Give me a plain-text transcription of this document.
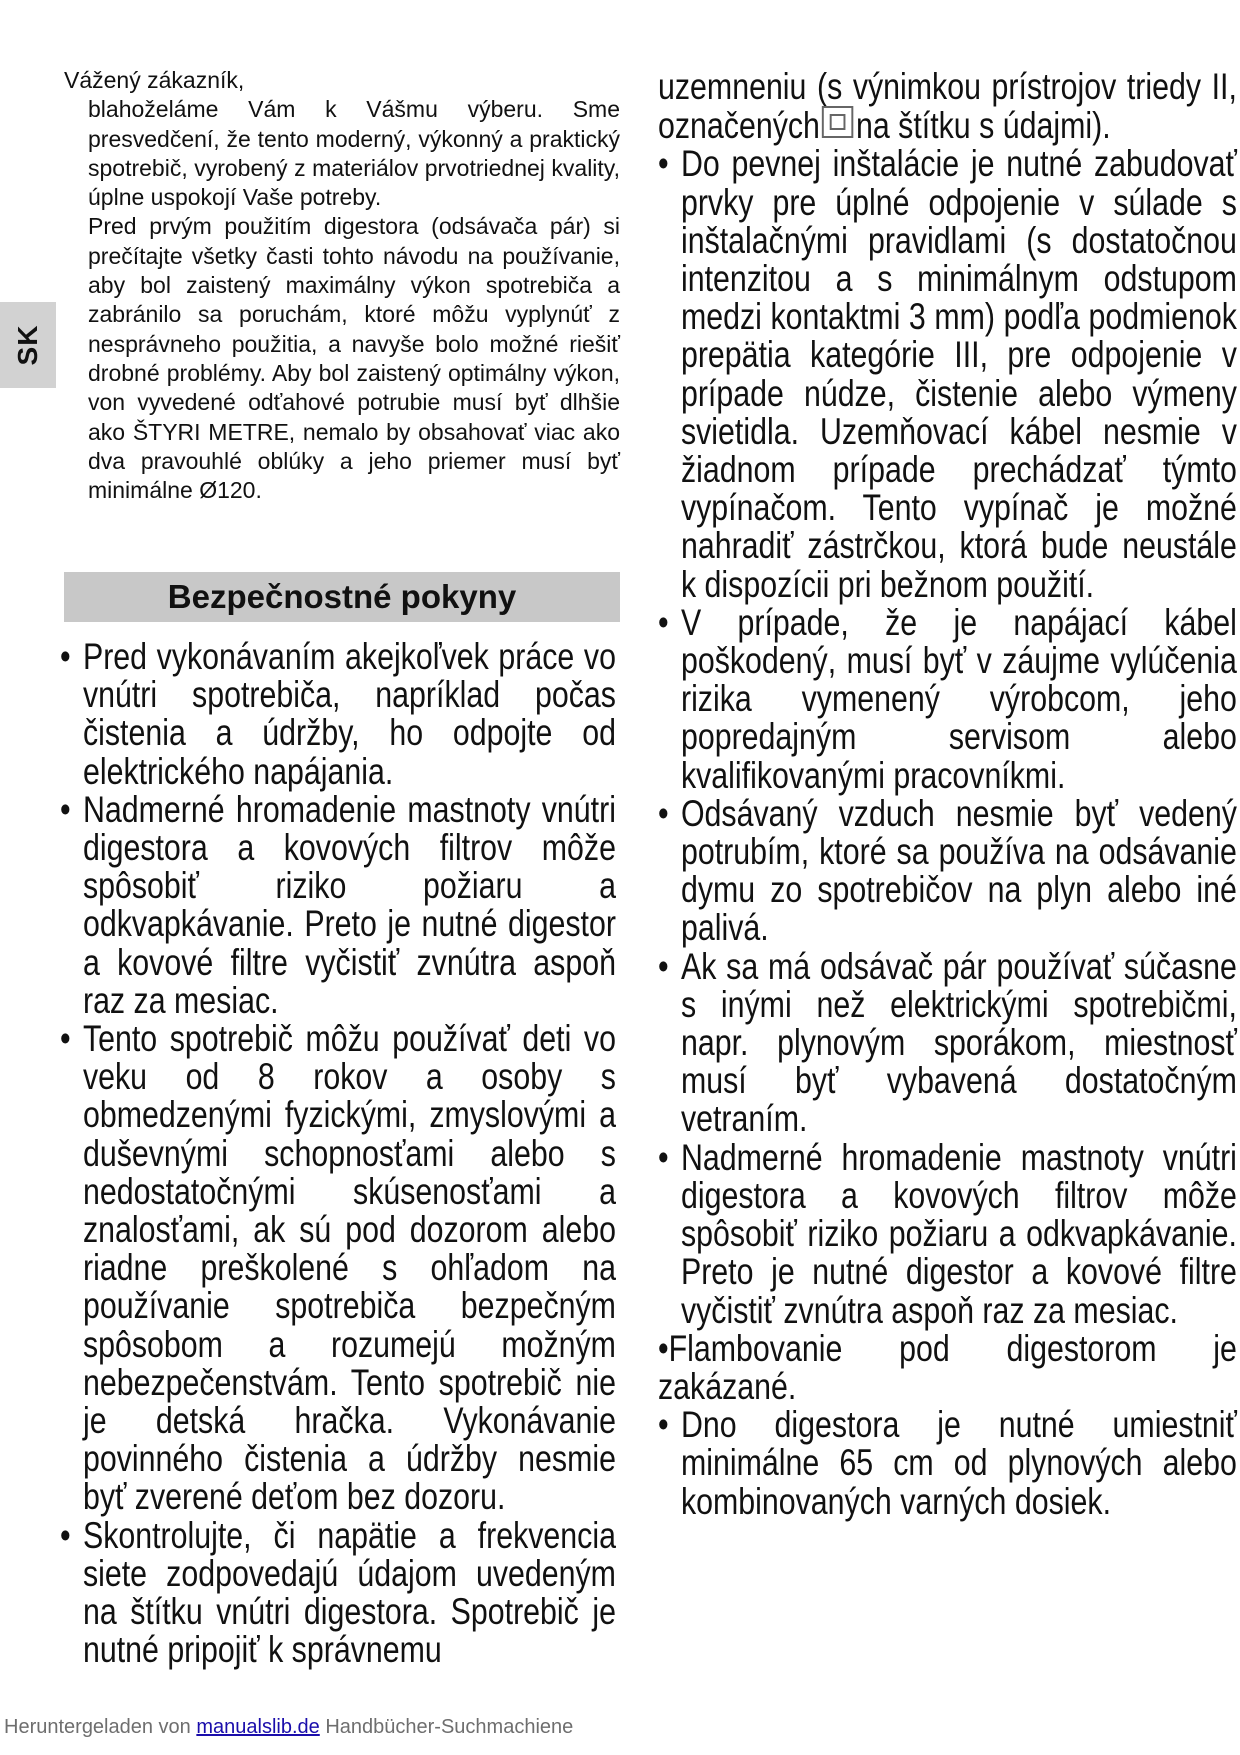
SK

Vážený zákazník,

blahoželáme Vám k Vášmu výberu. Sme presvedčení, že tento moderný, výkonný a praktický spotrebič, vyrobený z materiálov prvotriednej kvality, úplne uspokojí Vaše potreby.

Pred prvým použitím digestora (odsávača pár) si prečítajte všetky časti tohto návodu na používanie, aby bol zaistený maximálny výkon spotrebiča a zabránilo sa poruchám, ktoré môžu vyplynúť z nesprávneho použitia, a navyše bolo možné riešiť drobné problémy. Aby bol zaistený optimálny výkon, von vyvedené odťahové potrubie musí byť dlhšie ako ŠTYRI METRE, nemalo by obsahovať viac ako dva pravouhlé oblúky a jeho priemer musí byť minimálne Ø120.

Bezpečnostné pokyny

• Pred vykonávaním akejkoľvek práce vo vnútri spotrebiča, napríklad počas čistenia a údržby, ho odpojte od elektrického napájania.

• Nadmerné hromadenie mastnoty vnútri digestora a kovových filtrov môže spôsobiť riziko požiaru a odkvapkávanie. Preto je nutné digestor a kovové filtre vyčistiť zvnútra aspoň raz za mesiac.

• Tento spotrebič môžu používať deti vo veku od 8 rokov a osoby s obmedzenými fyzickými, zmyslovými a duševnými schopnosťami alebo s nedostatočnými skúsenosťami a znalosťami, ak sú pod dozorom alebo riadne preškolené s ohľadom na používanie spotrebiča bezpečným spôsobom a rozumejú možným nebezpečenstvám. Tento spotrebič nie je detská hračka. Vykonávanie povinného čistenia a údržby nesmie byť zverené deťom bez dozoru.

• Skontrolujte, či napätie a frekvencia siete zodpovedajú údajom uvedeným na štítku vnútri digestora. Spotrebič je nutné pripojiť k správnemu

uzemneniu (s výnimkou prístrojov triedy II, označených na štítku s údajmi).

• Do pevnej inštalácie je nutné zabudovať prvky pre úplné odpojenie v súlade s inštalačnými pravidlami (s dostatočnou intenzitou a s minimálnym odstupom medzi kontaktmi 3 mm) podľa podmienok prepätia kategórie III, pre odpojenie v prípade núdze, čistenie alebo výmeny svietidla. Uzemňovací kábel nesmie v žiadnom prípade prechádzať týmto vypínačom. Tento vypínač je možné nahradiť zástrčkou, ktorá bude neustále k dispozícii pri bežnom použití.

• V prípade, že je napájací kábel poškodený, musí byť v záujme vylúčenia rizika vymenený výrobcom, jeho popredajným servisom alebo kvalifikovanými pracovníkmi.

• Odsávaný vzduch nesmie byť vedený potrubím, ktoré sa používa na odsávanie dymu zo spotrebičov na plyn alebo iné palivá.

• Ak sa má odsávač pár používať súčasne s inými než elektrickými spotrebičmi, napr. plynovým sporákom, miestnosť musí byť vybavená dostatočným vetraním.

• Nadmerné hromadenie mastnoty vnútri digestora a kovových filtrov môže spôsobiť riziko požiaru a odkvapkávanie. Preto je nutné digestor a kovové filtre vyčistiť zvnútra aspoň raz za mesiac.

• Flambovanie pod digestorom je zakázané.

• Dno digestora je nutné umiestniť minimálne 65 cm od plynových alebo kombinovaných varných dosiek.

Heruntergeladen von manualslib.de Handbücher-Suchmachiene
